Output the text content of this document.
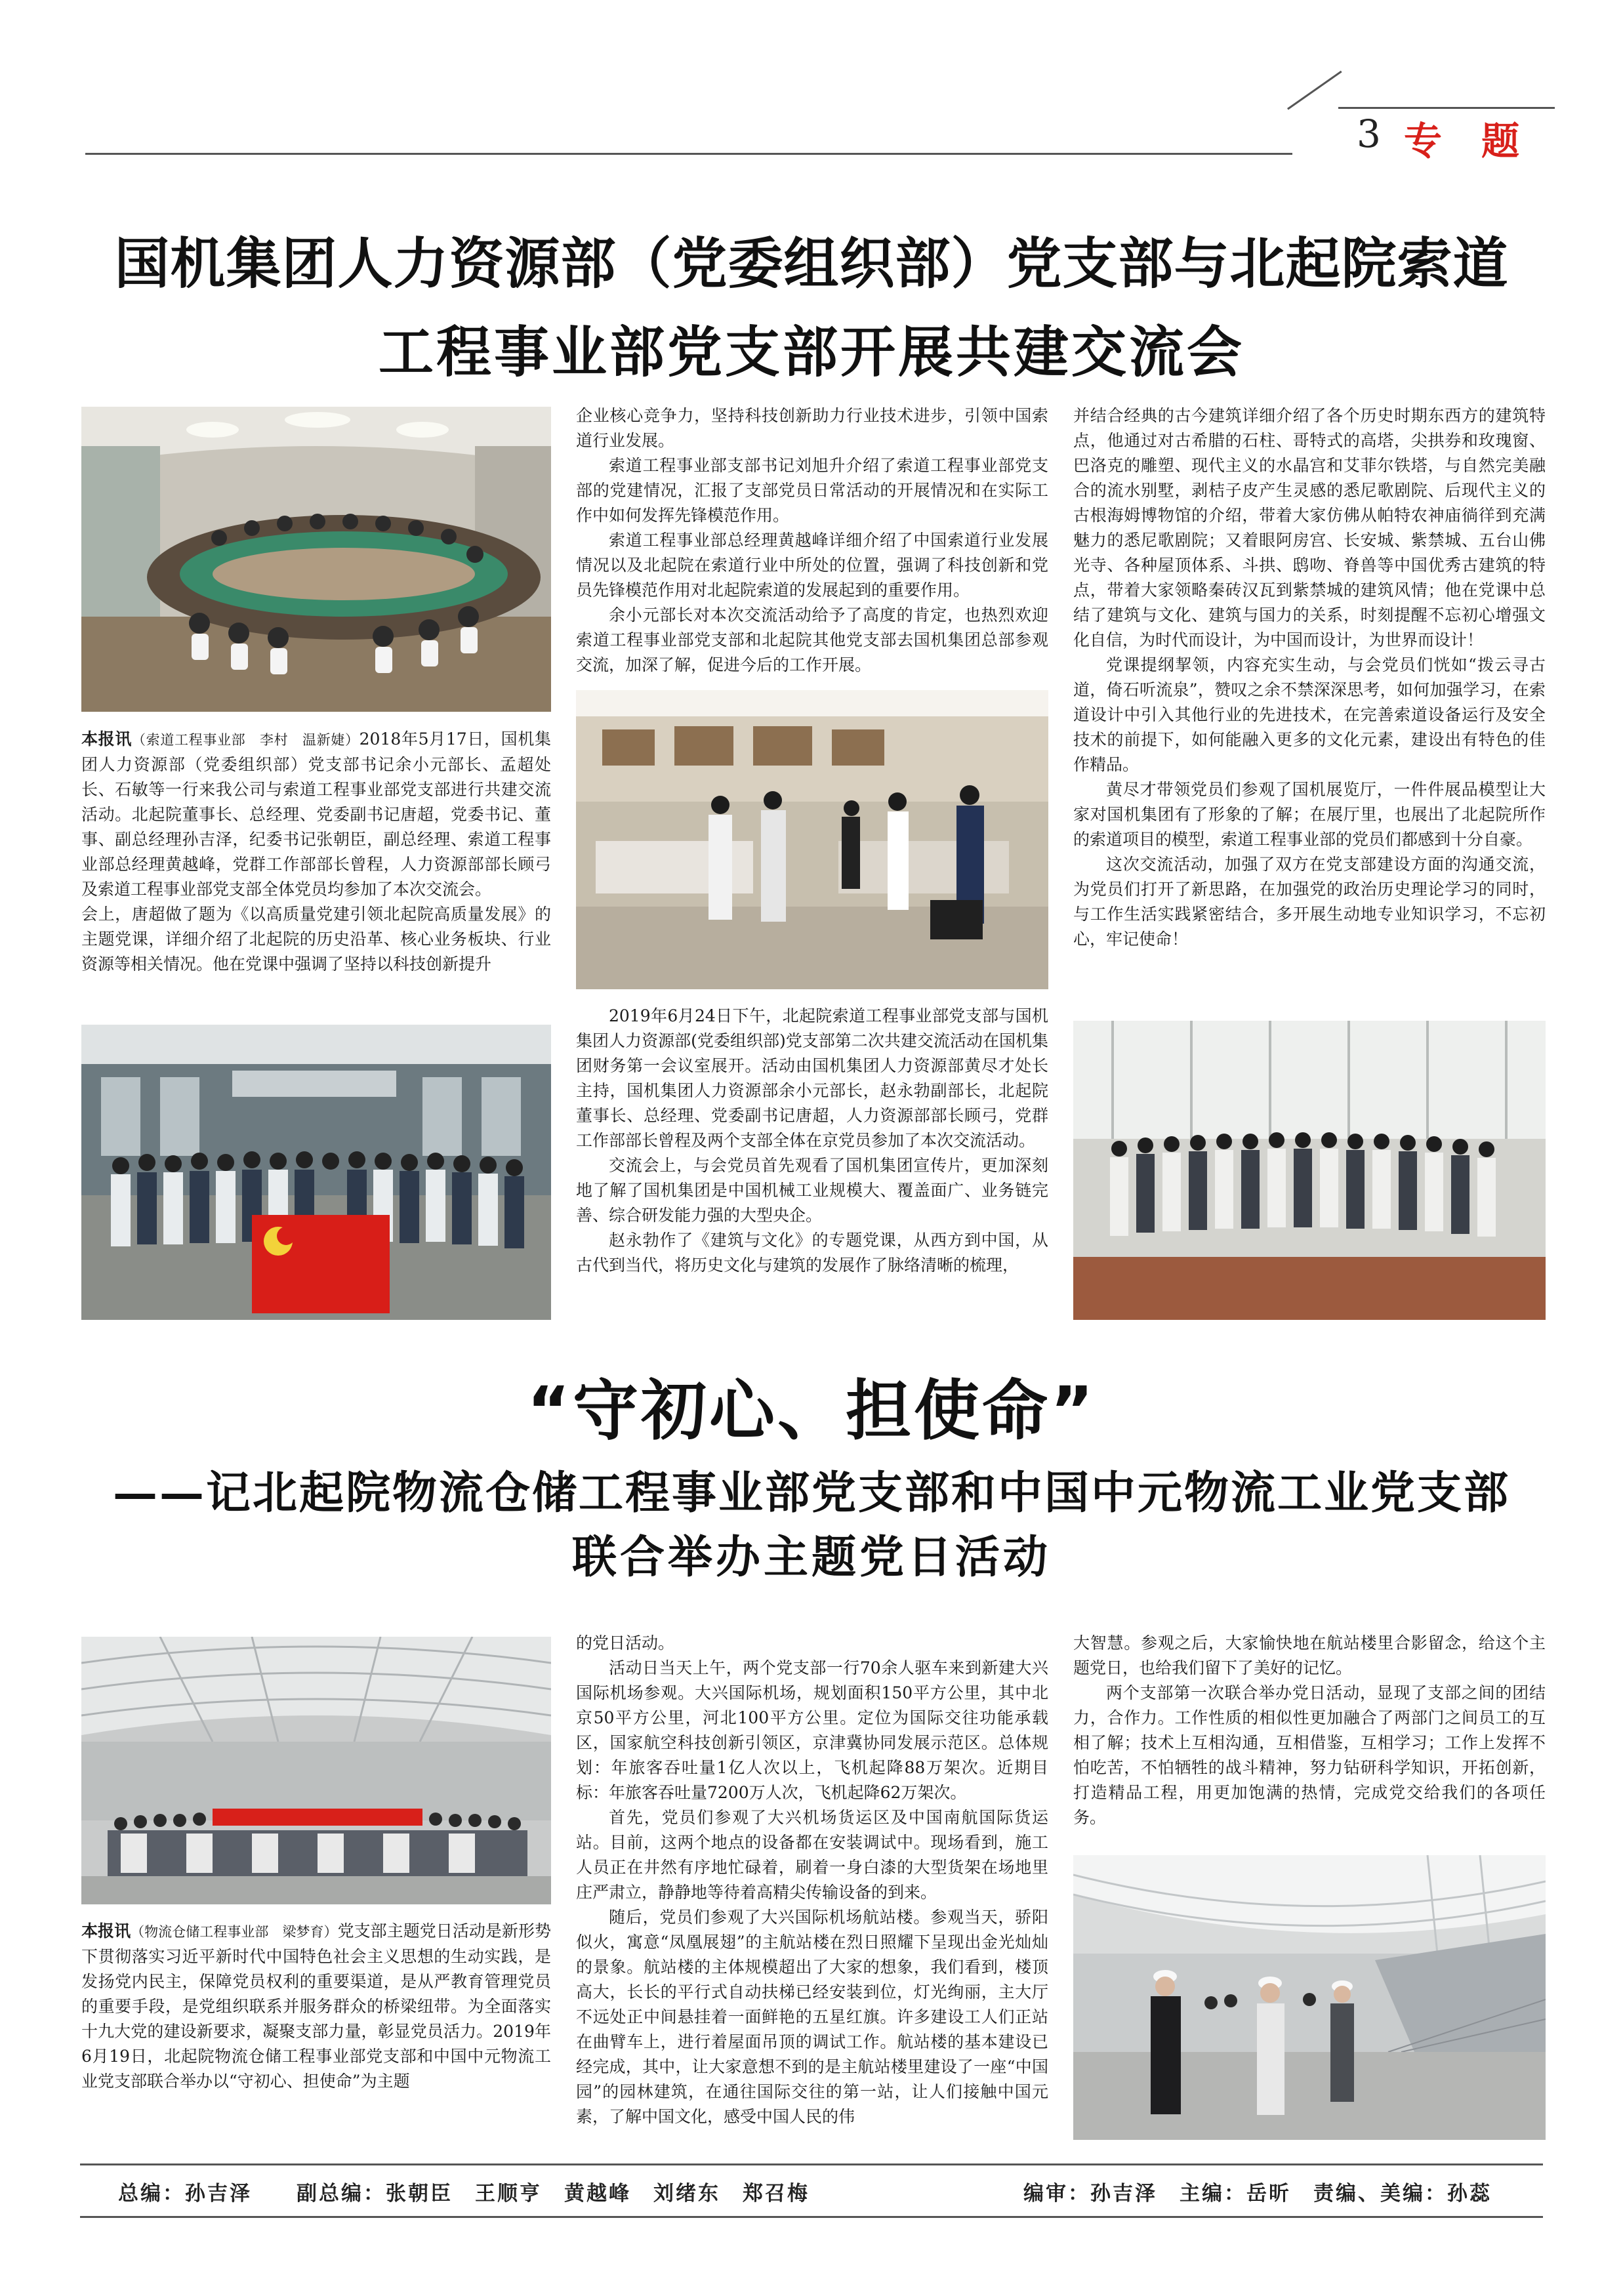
3 专题
国机集团人力资源部（党委组织部）党支部与北起院索道
工程事业部党支部开展共建交流会

本报讯（索道工程事业部　李村　温新婕）2018年5月17日，国机集团人力资源部（党委组织部）党支部书记余小元部长、孟超处长、石敏等一行来我公司与索道工程事业部党支部进行共建交流活动。北起院董事长、总经理、党委副书记唐超，党委书记、董事、副总经理孙吉泽，纪委书记张朝臣，副总经理、索道工程事业部总经理黄越峰，党群工作部部长曾程，人力资源部部长顾弓及索道工程事业部党支部全体党员均参加了本次交流会。

会上，唐超做了题为《以高质量党建引领北起院高质量发展》的主题党课，详细介绍了北起院的历史沿革、核心业务板块、行业资源等相关情况。他在党课中强调了坚持以科技创新提升

企业核心竞争力，坚持科技创新助力行业技术进步，引领中国索道行业发展。

索道工程事业部支部书记刘旭升介绍了索道工程事业部党支部的党建情况，汇报了支部党员日常活动的开展情况和在实际工作中如何发挥先锋模范作用。

索道工程事业部总经理黄越峰详细介绍了中国索道行业发展情况以及北起院在索道行业中所处的位置，强调了科技创新和党员先锋模范作用对北起院索道的发展起到的重要作用。

余小元部长对本次交流活动给予了高度的肯定，也热烈欢迎索道工程事业部党支部和北起院其他党支部去国机集团总部参观交流，加深了解，促进今后的工作开展。

2019年6月24日下午，北起院索道工程事业部党支部与国机集团人力资源部(党委组织部)党支部第二次共建交流活动在国机集团财务第一会议室展开。活动由国机集团人力资源部黄尽才处长主持，国机集团人力资源部余小元部长，赵永勃副部长，北起院董事长、总经理、党委副书记唐超，人力资源部部长顾弓，党群工作部部长曾程及两个支部全体在京党员参加了本次交流活动。

交流会上，与会党员首先观看了国机集团宣传片，更加深刻地了解了国机集团是中国机械工业规模大、覆盖面广、业务链完善、综合研发能力强的大型央企。

赵永勃作了《建筑与文化》的专题党课，从西方到中国，从古代到当代，将历史文化与建筑的发展作了脉络清晰的梳理，

并结合经典的古今建筑详细介绍了各个历史时期东西方的建筑特点，他通过对古希腊的石柱、哥特式的高塔，尖拱券和玫瑰窗、巴洛克的雕塑、现代主义的水晶宫和艾菲尔铁塔，与自然完美融合的流水别墅，剥桔子皮产生灵感的悉尼歌剧院、后现代主义的古根海姆博物馆的介绍，带着大家仿佛从帕特农神庙徜徉到充满魅力的悉尼歌剧院；又着眼阿房宫、长安城、紫禁城、五台山佛光寺、各种屋顶体系、斗拱、鸱吻、脊兽等中国优秀古建筑的特点，带着大家领略秦砖汉瓦到紫禁城的建筑风情；他在党课中总结了建筑与文化、建筑与国力的关系，时刻提醒不忘初心增强文化自信，为时代而设计，为中国而设计，为世界而设计！

党课提纲挈领，内容充实生动，与会党员们恍如“拨云寻古道，倚石听流泉”，赞叹之余不禁深深思考，如何加强学习，在索道设计中引入其他行业的先进技术，在完善索道设备运行及安全技术的前提下，如何能融入更多的文化元素，建设出有特色的佳作精品。

黄尽才带领党员们参观了国机展览厅，一件件展品模型让大家对国机集团有了形象的了解；在展厅里，也展出了北起院所作的索道项目的模型，索道工程事业部的党员们都感到十分自豪。

这次交流活动，加强了双方在党支部建设方面的沟通交流，为党员们打开了新思路，在加强党的政治历史理论学习的同时，与工作生活实践紧密结合，多开展生动地专业知识学习，不忘初心，牢记使命！

“守初心、担使命”
——记北起院物流仓储工程事业部党支部和中国中元物流工业党支部
联合举办主题党日活动

本报讯（物流仓储工程事业部　梁梦育）党支部主题党日活动是新形势下贯彻落实习近平新时代中国特色社会主义思想的生动实践，是发扬党内民主，保障党员权利的重要渠道，是从严教育管理党员的重要手段，是党组织联系并服务群众的桥梁纽带。为全面落实十九大党的建设新要求，凝聚支部力量，彰显党员活力。2019年6月19日，北起院物流仓储工程事业部党支部和中国中元物流工业党支部联合举办以“守初心、担使命”为主题

的党日活动。

活动日当天上午，两个党支部一行70余人驱车来到新建大兴国际机场参观。大兴国际机场，规划面积150平方公里，其中北京50平方公里，河北100平方公里。定位为国际交往功能承载区，国家航空科技创新引领区，京津冀协同发展示范区。总体规划：年旅客吞吐量1亿人次以上，飞机起降88万架次。近期目标：年旅客吞吐量7200万人次，飞机起降62万架次。

首先，党员们参观了大兴机场货运区及中国南航国际货运站。目前，这两个地点的设备都在安装调试中。现场看到，施工人员正在井然有序地忙碌着，刷着一身白漆的大型货架在场地里庄严肃立，静静地等待着高精尖传输设备的到来。

随后，党员们参观了大兴国际机场航站楼。参观当天，骄阳似火，寓意“凤凰展翅”的主航站楼在烈日照耀下呈现出金光灿灿的景象。航站楼的主体规模超出了大家的想象，我们看到，楼顶高大，长长的平行式自动扶梯已经安装到位，灯光绚丽，主大厅不远处正中间悬挂着一面鲜艳的五星红旗。许多建设工人们正站在曲臂车上，进行着屋面吊顶的调试工作。航站楼的基本建设已经完成，其中，让大家意想不到的是主航站楼里建设了一座“中国园”的园林建筑，在通往国际交往的第一站，让人们接触中国元素，了解中国文化，感受中国人民的伟

大智慧。参观之后，大家愉快地在航站楼里合影留念，给这个主题党日，也给我们留下了美好的记忆。

两个支部第一次联合举办党日活动，显现了支部之间的团结力，合作力。工作性质的相似性更加融合了两部门之间员工的互相了解；技术上互相沟通，互相借鉴，互相学习；工作上发挥不怕吃苦，不怕牺牲的战斗精神，努力钻研科学知识，开拓创新，打造精品工程，用更加饱满的热情，完成党交给我们的各项任务。

总编：孙吉泽　　副总编：张朝臣　王顺亨　黄越峰　刘绪东　郑召梅	编审：孙吉泽　主编：岳昕　责编、美编：孙蕊
